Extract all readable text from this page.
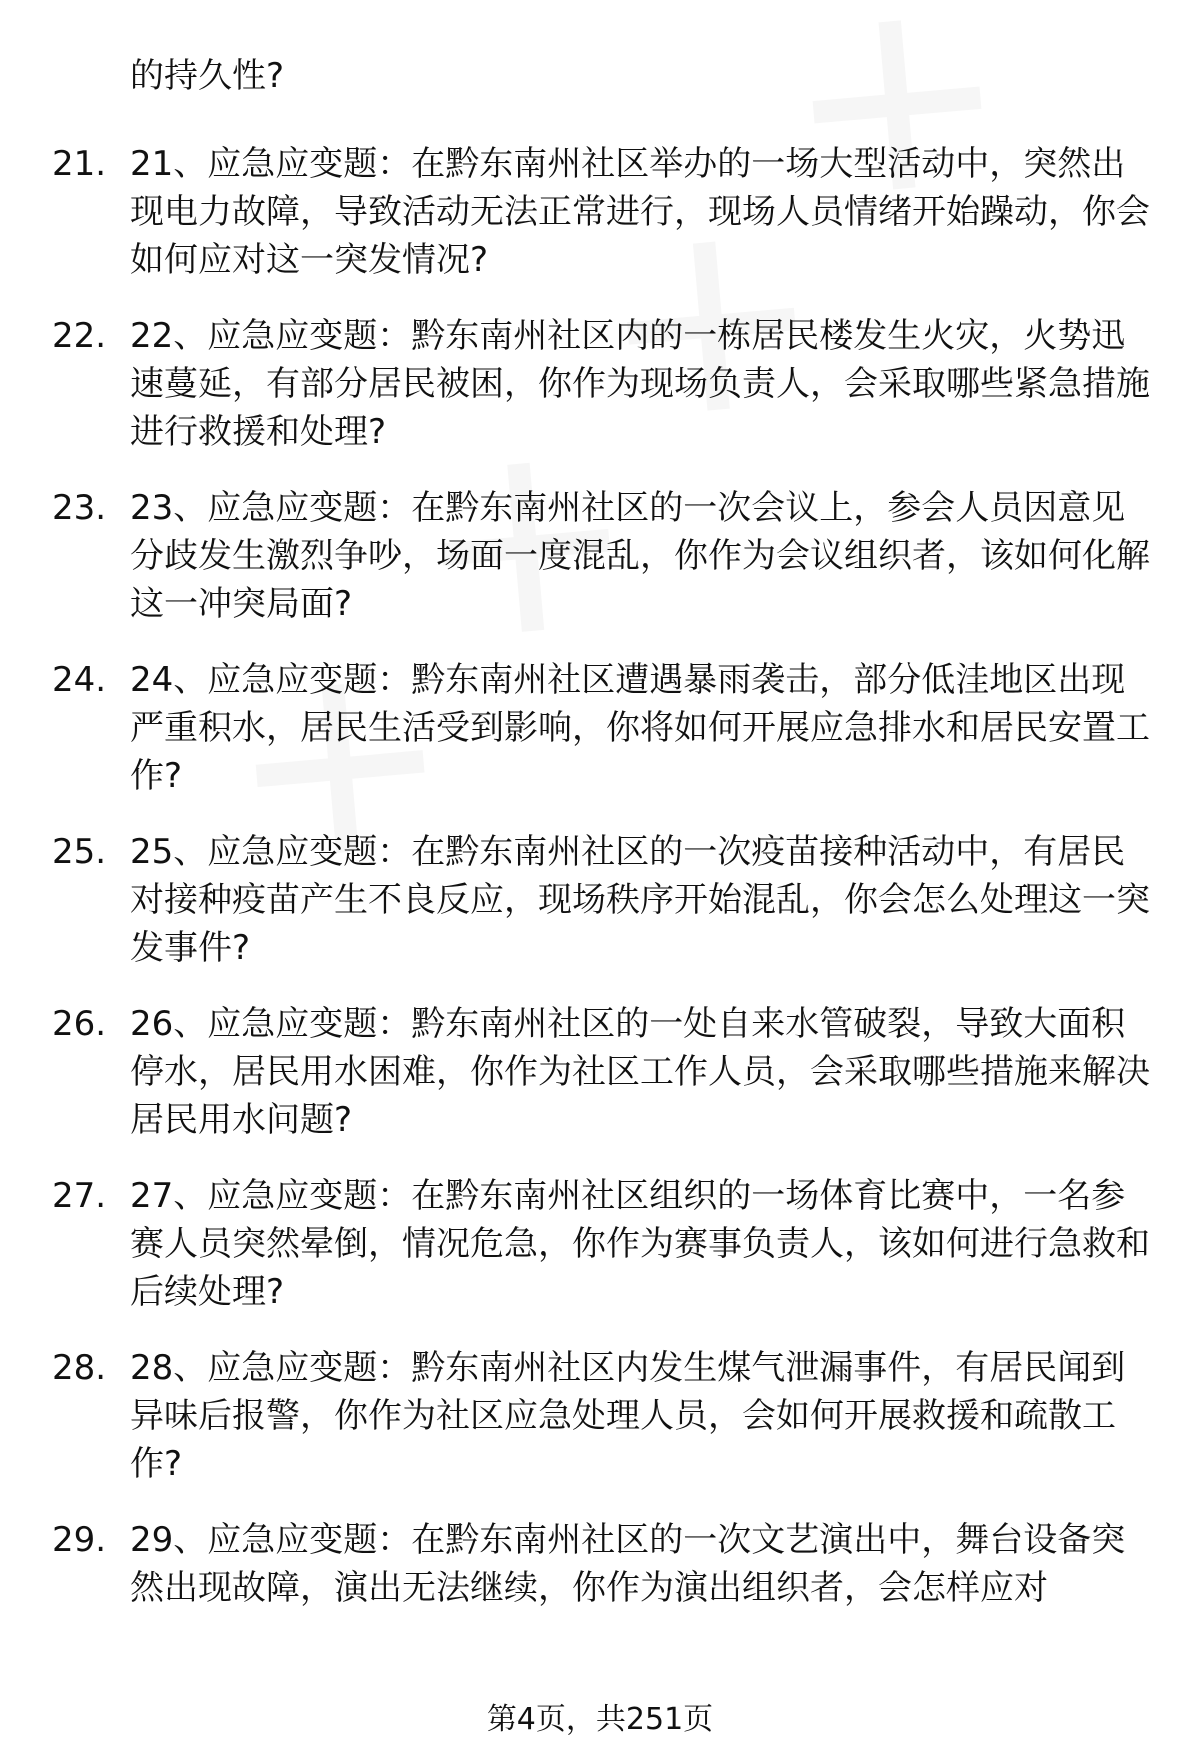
的持久性?

21. 21、应急应变题：在黔东南州社区举办的一场大型活动中，突然出现电力故障，导致活动无法正常进行，现场人员情绪开始躁动，你会如何应对这一突发情况?

22. 22、应急应变题：黔东南州社区内的一栋居民楼发生火灾，火势迅速蔓延，有部分居民被困，你作为现场负责人，会采取哪些紧急措施进行救援和处理?

23. 23、应急应变题：在黔东南州社区的一次会议上，参会人员因意见分歧发生激烈争吵，场面一度混乱，你作为会议组织者，该如何化解这一冲突局面?

24. 24、应急应变题：黔东南州社区遭遇暴雨袭击，部分低洼地区出现严重积水，居民生活受到影响，你将如何开展应急排水和居民安置工作?

25. 25、应急应变题：在黔东南州社区的一次疫苗接种活动中，有居民对接种疫苗产生不良反应，现场秩序开始混乱，你会怎么处理这一突发事件?

26. 26、应急应变题：黔东南州社区的一处自来水管破裂，导致大面积停水，居民用水困难，你作为社区工作人员，会采取哪些措施来解决居民用水问题?

27. 27、应急应变题：在黔东南州社区组织的一场体育比赛中，一名参赛人员突然晕倒，情况危急，你作为赛事负责人，该如何进行急救和后续处理?

28. 28、应急应变题：黔东南州社区内发生煤气泄漏事件，有居民闻到异味后报警，你作为社区应急处理人员，会如何开展救援和疏散工作?

29. 29、应急应变题：在黔东南州社区的一次文艺演出中，舞台设备突然出现故障，演出无法继续，你作为演出组织者，会怎样应对

第4页，共251页
